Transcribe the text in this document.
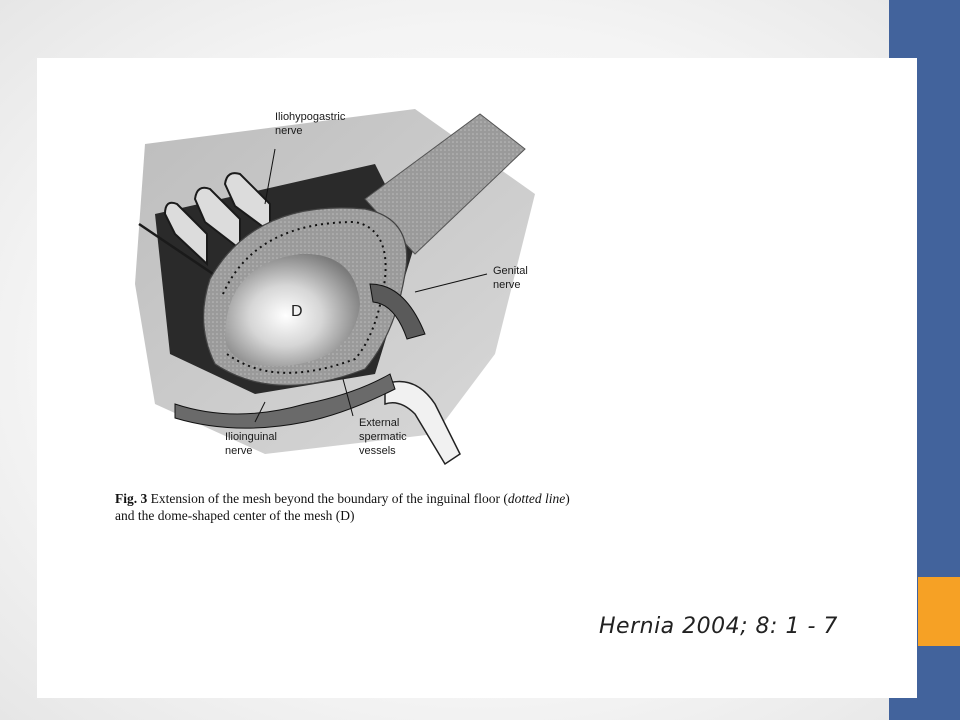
Iliohypogastric
nerve
Genital
nerve
D
Ilioinguinal
nerve
External
spermatic
vessels
Fig. 3 Extension of the mesh beyond the boundary of the inguinal floor (dotted line) and the dome-shaped center of the mesh (D)
Hernia 2004; 8: 1 - 7
